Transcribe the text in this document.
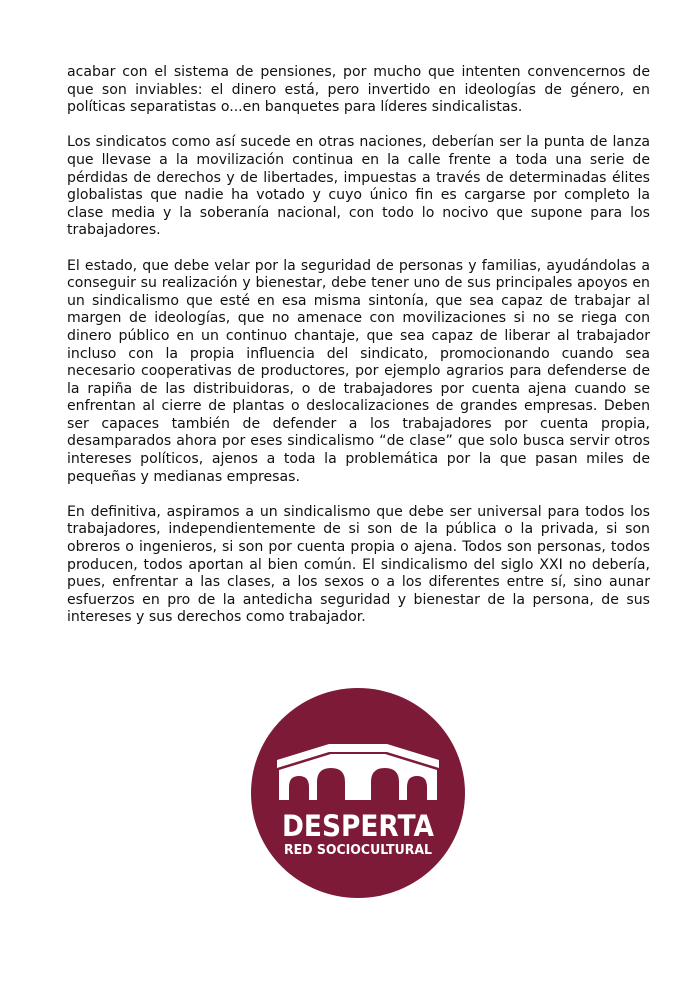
acabar con el sistema de pensiones, por mucho que intenten convencernos de que son inviables: el dinero está, pero invertido en ideologías de género, en políticas separatistas o...en banquetes para líderes sindicalistas.

Los sindicatos como así sucede en otras naciones, deberían ser la punta de lanza que llevase a la movilización continua en la calle frente a toda una serie de pérdidas de derechos y de libertades, impuestas a través de determinadas élites globalistas que nadie ha votado y cuyo único fin es cargarse por completo la clase media y la soberanía nacional, con todo lo nocivo que supone para los trabajadores.

El estado, que debe velar por la seguridad de personas y familias, ayudándolas a conseguir su realización y bienestar, debe tener uno de sus principales apoyos en un sindicalismo que esté en esa misma sintonía, que sea capaz de trabajar al margen de ideologías, que no amenace con movilizaciones si no se riega con dinero público en un continuo chantaje, que sea capaz de liberar al trabajador incluso con la propia influencia del sindicato, promocionando cuando sea necesario cooperativas de productores, por ejemplo agrarios para defenderse de la rapiña de las distribuidoras, o de trabajadores por cuenta ajena cuando se enfrentan al cierre de plantas o deslocalizaciones de grandes empresas. Deben ser capaces también de defender a los trabajadores por cuenta propia, desamparados ahora por eses sindicalismo “de clase” que solo busca servir otros intereses políticos, ajenos a toda la problemática por la que pasan miles de pequeñas y medianas empresas.

En definitiva, aspiramos a un sindicalismo que debe ser universal para todos los trabajadores, independientemente de si son de la pública o la privada, si son obreros o ingenieros, si son por cuenta propia o ajena. Todos son personas, todos producen, todos aportan al bien común. El sindicalismo del siglo XXI no debería, pues, enfrentar a las clases, a los sexos o a los diferentes entre sí, sino aunar esfuerzos en pro de la antedicha seguridad y bienestar de la persona, de sus intereses y sus derechos como trabajador.

DESPERTA
RED SOCIOCULTURAL
